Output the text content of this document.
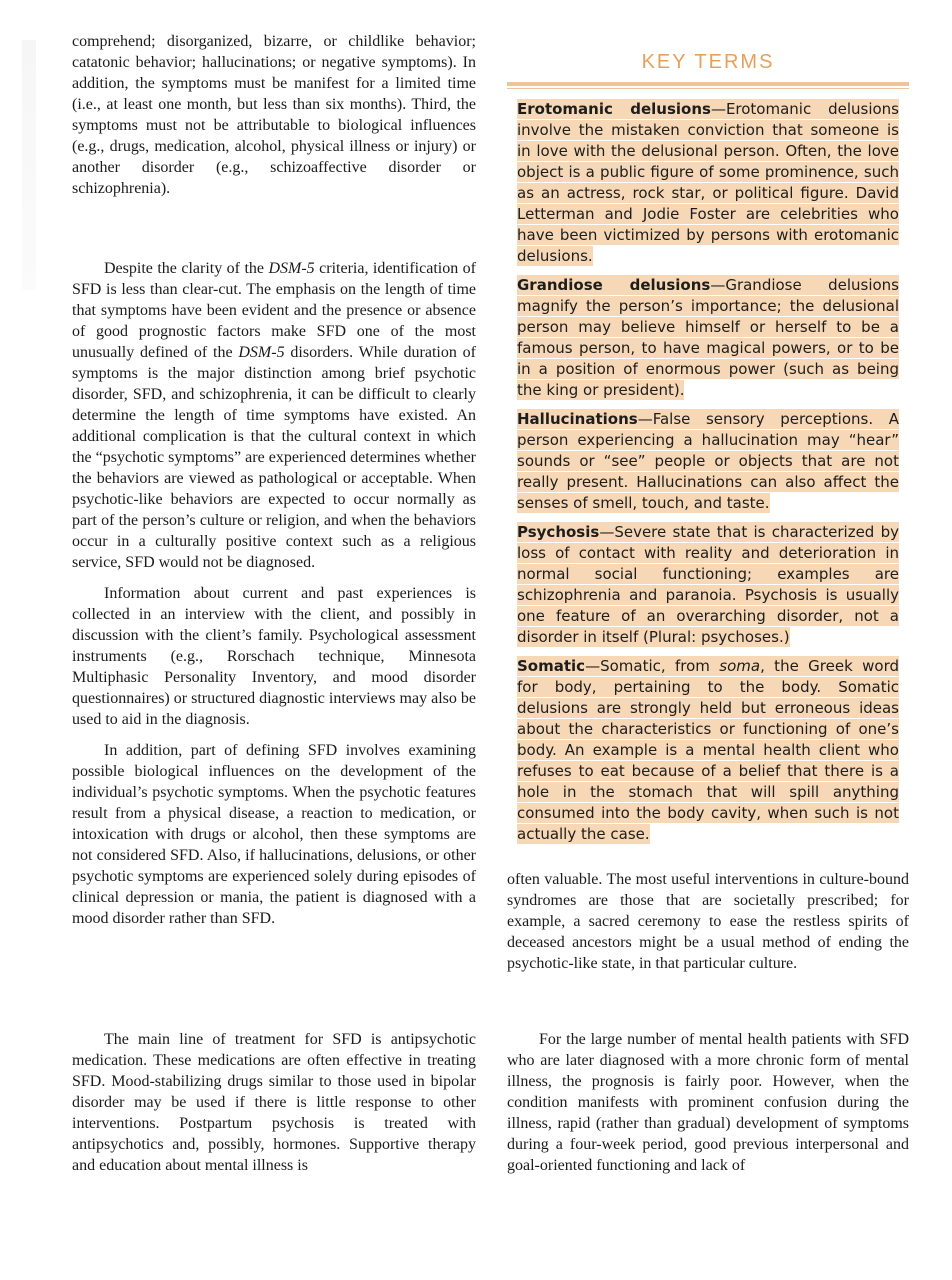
comprehend; disorganized, bizarre, or childlike behavior; catatonic behavior; hallucinations; or negative symptoms). In addition, the symptoms must be manifest for a limited time (i.e., at least one month, but less than six months). Third, the symptoms must not be attributable to biological influences (e.g., drugs, medication, alcohol, physical illness or injury) or another disorder (e.g., schizoaffective disorder or schizophrenia).

Despite the clarity of the DSM-5 criteria, identification of SFD is less than clear-cut. The emphasis on the length of time that symptoms have been evident and the presence or absence of good prognostic factors make SFD one of the most unusually defined of the DSM-5 disorders. While duration of symptoms is the major distinction among brief psychotic disorder, SFD, and schizophrenia, it can be difficult to clearly determine the length of time symptoms have existed. An additional complication is that the cultural context in which the “psychotic symptoms” are experienced determines whether the behaviors are viewed as pathological or acceptable. When psychotic-like behaviors are expected to occur normally as part of the person’s culture or religion, and when the behaviors occur in a culturally positive context such as a religious service, SFD would not be diagnosed.

Information about current and past experiences is collected in an interview with the client, and possibly in discussion with the client’s family. Psychological assessment instruments (e.g., Rorschach technique, Minnesota Multiphasic Personality Inventory, and mood disorder questionnaires) or structured diagnostic interviews may also be used to aid in the diagnosis.

In addition, part of defining SFD involves examining possible biological influences on the development of the individual’s psychotic symptoms. When the psychotic features result from a physical disease, a reaction to medication, or intoxication with drugs or alcohol, then these symptoms are not considered SFD. Also, if hallucinations, delusions, or other psychotic symptoms are experienced solely during episodes of clinical depression or mania, the patient is diagnosed with a mood disorder rather than SFD.

The main line of treatment for SFD is antipsychotic medication. These medications are often effective in treating SFD. Mood-stabilizing drugs similar to those used in bipolar disorder may be used if there is little response to other interventions. Postpartum psychosis is treated with antipsychotics and, possibly, hormones. Supportive therapy and education about mental illness is

KEY TERMS

Erotomanic delusions—Erotomanic delusions involve the mistaken conviction that someone is in love with the delusional person. Often, the love object is a public figure of some prominence, such as an actress, rock star, or political figure. David Letterman and Jodie Foster are celebrities who have been victimized by persons with erotomanic delusions.

Grandiose delusions—Grandiose delusions magnify the person’s importance; the delusional person may believe himself or herself to be a famous person, to have magical powers, or to be in a position of enormous power (such as being the king or president).

Hallucinations—False sensory perceptions. A person experiencing a hallucination may “hear” sounds or “see” people or objects that are not really present. Hallucinations can also affect the senses of smell, touch, and taste.

Psychosis—Severe state that is characterized by loss of contact with reality and deterioration in normal social functioning; examples are schizophrenia and paranoia. Psychosis is usually one feature of an overarching disorder, not a disorder in itself (Plural: psychoses.)

Somatic—Somatic, from soma, the Greek word for body, pertaining to the body. Somatic delusions are strongly held but erroneous ideas about the characteristics or functioning of one’s body. An example is a mental health client who refuses to eat because of a belief that there is a hole in the stomach that will spill anything consumed into the body cavity, when such is not actually the case.

often valuable. The most useful interventions in culture-bound syndromes are those that are societally prescribed; for example, a sacred ceremony to ease the restless spirits of deceased ancestors might be a usual method of ending the psychotic-like state, in that particular culture.

For the large number of mental health patients with SFD who are later diagnosed with a more chronic form of mental illness, the prognosis is fairly poor. However, when the condition manifests with prominent confusion during the illness, rapid (rather than gradual) development of symptoms during a four-week period, good previous interpersonal and goal-oriented functioning and lack of
